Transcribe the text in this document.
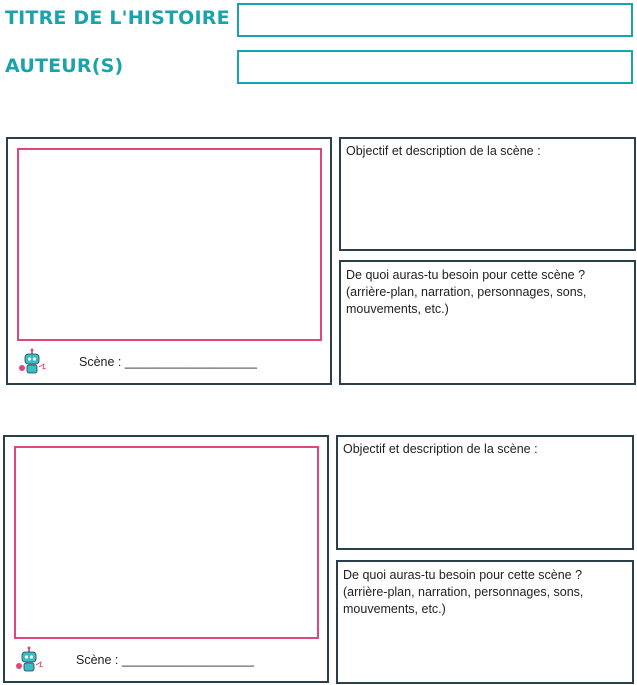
TITRE DE L'HISTOIRE
AUTEUR(S)
Scène : ___________________
Objectif et description de la scène :
De quoi auras-tu besoin pour cette scène ?
(arrière-plan, narration, personnages, sons,
mouvements, etc.)
Scène : ___________________
Objectif et description de la scène :
De quoi auras-tu besoin pour cette scène ?
(arrière-plan, narration, personnages, sons,
mouvements, etc.)
